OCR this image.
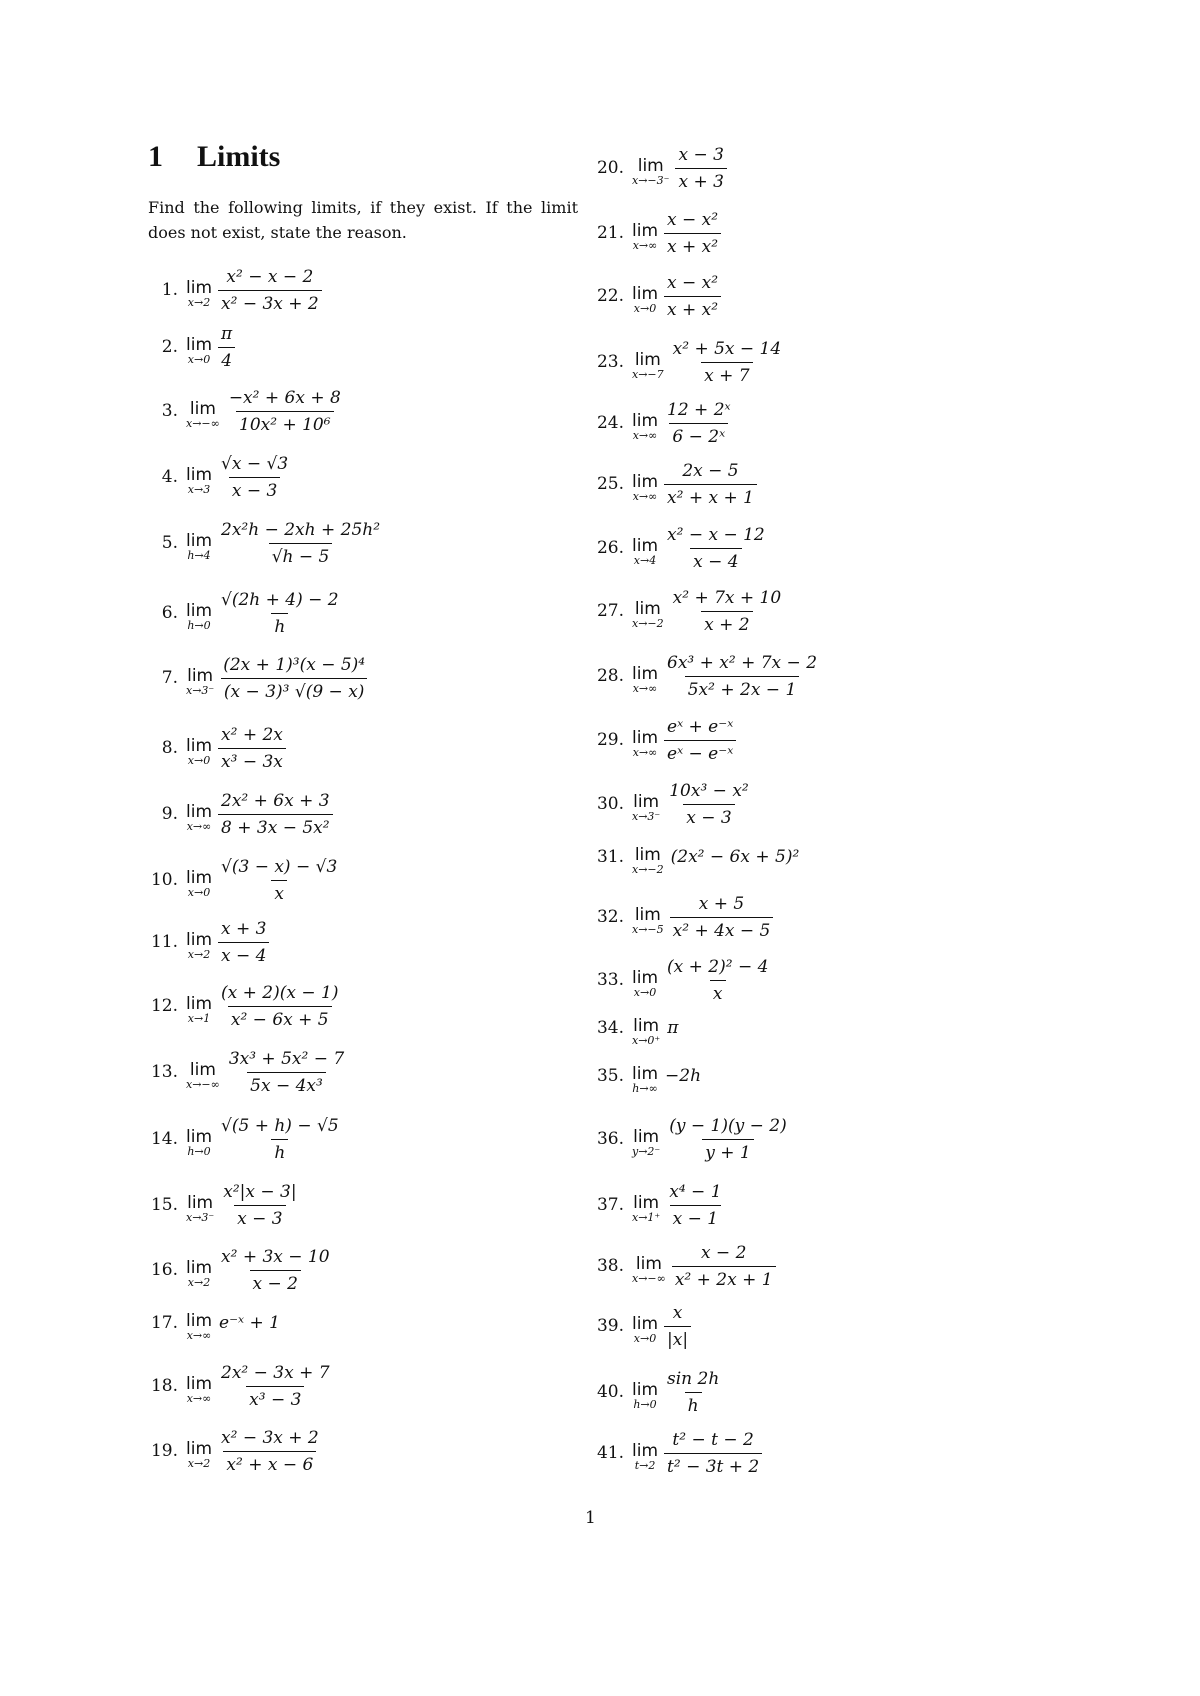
1 Limits
Find the following limits, if they exist. If the limit does not exist, state the reason.
1. lim
$x\to 2 \frac{\text{x² − x − 2}}{\text{x² − 3x + 2}}$
2. lim
$x\to 0 \frac{\pi}{4}$
3. lim
$x\to-\infty \frac{\text{−x² + 6x + 8}}{\text{10x² + 10⁶}}$
4. lim
$x\to 3 \frac{√x - √3}{x - 3}$
5. lim
$h\to 4 \frac{\text{2x²h − 2xh + 25h²}}{√h - 5}$
6. lim
$h\to 0 \frac{√(2h + 4) - 2}{h}$
7. lim
$x\to 3^- \frac{\text{(2x + 1)³(x − 5)⁴}}{\text{(x − 3)³ √(9 − x)}}$
8. lim
$x\to 0 \frac{\text{x² + 2x}}{\text{x³ − 3x}}$
9. lim
$x\to\infty \frac{\text{2x² + 6x + 3}}{\text{8 + 3x − 5x²}}$
10. lim
$x\to 0 \frac{√(3 - x) - √3}{x}$
11. lim
$x\to 2 \frac{x + 3}{x - 4}$
12. lim
$x\to 1 \frac{(x + 2)(x - 1)}{\text{x² − 6x + 5}}$
13. lim
$x\to-\infty \frac{\text{3x³ + 5x² − 7}}{\text{5x − 4x³}}$
14. lim
$h\to 0 \frac{√(5 + h) - √5}{h}$
15. lim
$x\to 3^- \frac{\text{x²|x − 3|}}{x - 3}$
16. lim
$x\to 2 \frac{\text{x² + 3x − 10}}{x - 2}$
17. lim
x→∞
e⁻ˣ + 1
18. lim
$x\to\infty \frac{\text{2x² − 3x + 7}}{\text{x³ − 3}}$
19. lim
$x\to 2 \frac{\text{x² − 3x + 2}}{\text{x² + x − 6}}$
20. lim
$x\to-3^- \frac{x - 3}{x + 3}$
21. lim
$x\to\infty \frac{\text{x − x²}}{\text{x + x²}}$
22. lim
$x\to 0 \frac{\text{x − x²}}{\text{x + x²}}$
23. lim
$x\to-7 \frac{\text{x² + 5x − 14}}{x + 7}$
24. lim
$x\to\infty \frac{\text{12 + 2ˣ}}{\text{6 − 2ˣ}}$
25. lim
$x\to\infty \frac{2x - 5}{\text{x² + x + 1}}$
26. lim
$x\to 4 \frac{\text{x² − x − 12}}{x - 4}$
27. lim
$x\to-2 \frac{\text{x² + 7x + 10}}{x + 2}$
28. lim
$x\to\infty \frac{\text{6x³ + x² + 7x − 2}}{\text{5x² + 2x − 1}}$
29. lim
$x\to\infty \frac{\text{eˣ + e⁻ˣ}}{\text{eˣ − e⁻ˣ}}$
30. lim
$x\to 3^- \frac{\text{10x³ − x²}}{x - 3}$
31. lim
x→−2
(2x² − 6x + 5)²
32. lim
$x\to-5 \frac{x + 5}{\text{x² + 4x − 5}}$
33. lim
$x\to 0 \frac{\text{(x + 2)² − 4}}{x}$
34. lim
x→0⁺
π
35. lim
h→∞
−2h
36. lim
$y\to 2^- \frac{(y - 1)(y - 2)}{y + 1}$
37. lim
$x\to 1^+ \frac{\text{x⁴ − 1}}{x - 1}$
38. lim
$x\to-\infty \frac{x - 2}{\text{x² + 2x + 1}}$
39. lim
$x\to 0 \frac{x}{|x|}$
40. lim
$h\to 0 \frac{\sin 2h}{h}$
41. lim
$t\to 2 \frac{\text{t² − t − 2}}{\text{t² − 3t + 2}}$
1
